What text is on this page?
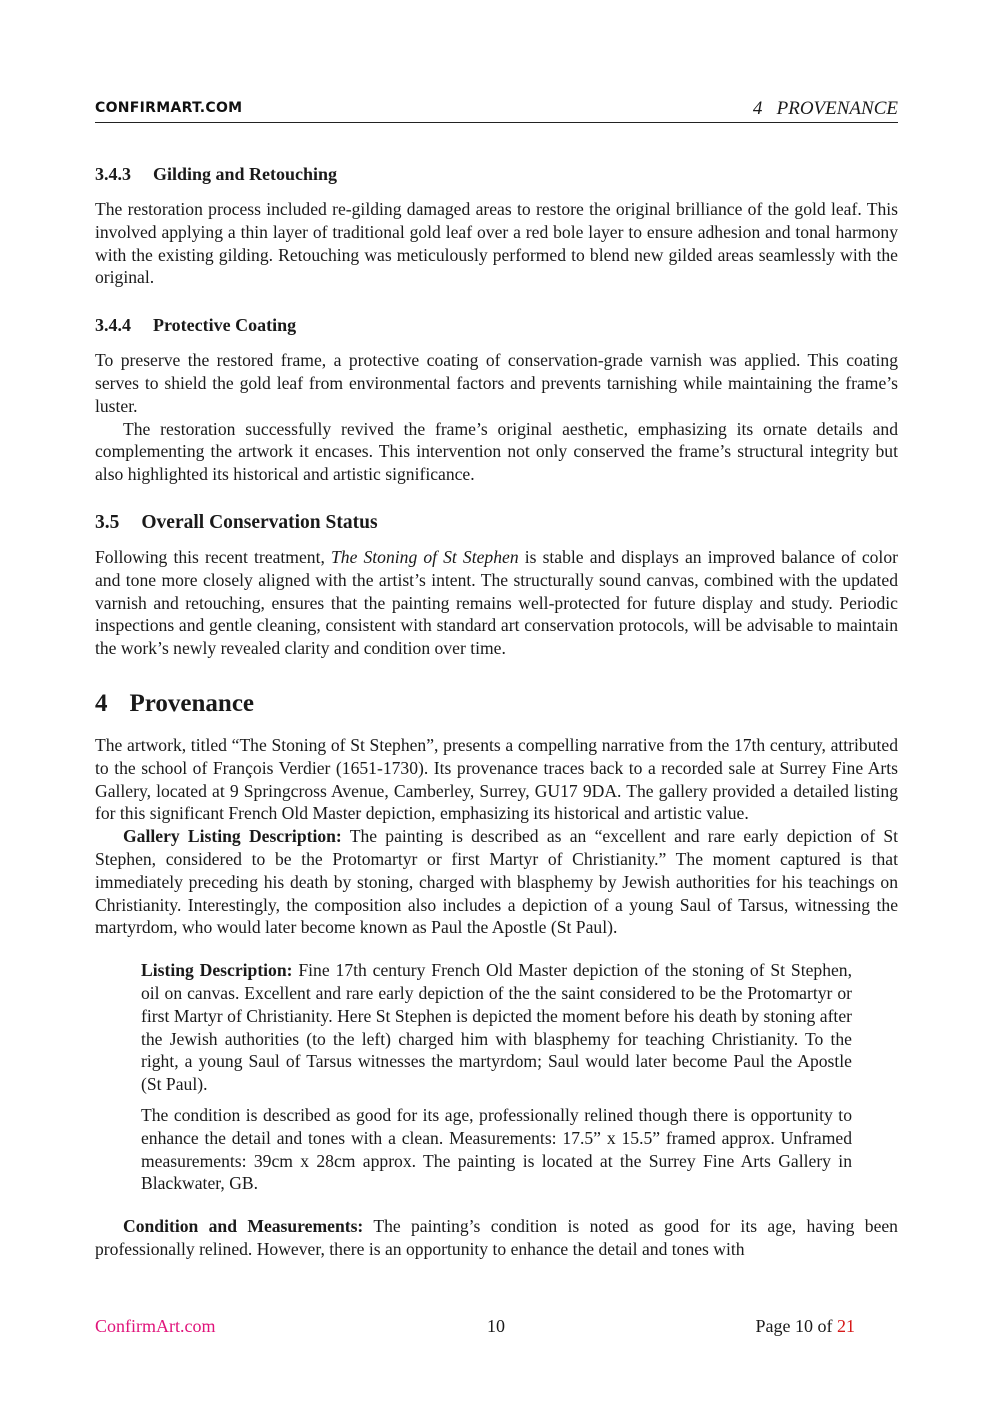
CONFIRMART.COM	4   PROVENANCE
3.4.3 Gilding and Retouching

The restoration process included re-gilding damaged areas to restore the original brilliance of the gold leaf. This involved applying a thin layer of traditional gold leaf over a red bole layer to ensure adhesion and tonal harmony with the existing gilding. Retouching was meticulously performed to blend new gilded areas seamlessly with the original.

3.4.4 Protective Coating

To preserve the restored frame, a protective coating of conservation-grade varnish was applied. This coating serves to shield the gold leaf from environmental factors and prevents tarnishing while maintaining the frame’s luster.

The restoration successfully revived the frame’s original aesthetic, emphasizing its ornate details and complementing the artwork it encases. This intervention not only conserved the frame’s structural integrity but also highlighted its historical and artistic significance.

3.5 Overall Conservation Status

Following this recent treatment, The Stoning of St Stephen is stable and displays an improved balance of color and tone more closely aligned with the artist’s intent. The structurally sound canvas, combined with the updated varnish and retouching, ensures that the painting remains well-protected for future display and study. Periodic inspections and gentle cleaning, consistent with standard art conservation protocols, will be advisable to maintain the work’s newly revealed clarity and condition over time.

4 Provenance

The artwork, titled “The Stoning of St Stephen”, presents a compelling narrative from the 17th century, attributed to the school of François Verdier (1651-1730). Its provenance traces back to a recorded sale at Surrey Fine Arts Gallery, located at 9 Springcross Avenue, Camberley, Surrey, GU17 9DA. The gallery provided a detailed listing for this significant French Old Master depiction, emphasizing its historical and artistic value.

Gallery Listing Description: The painting is described as an “excellent and rare early depiction of St Stephen, considered to be the Protomartyr or first Martyr of Christianity.” The moment captured is that immediately preceding his death by stoning, charged with blasphemy by Jewish authorities for his teachings on Christianity. Interestingly, the composition also includes a depiction of a young Saul of Tarsus, witnessing the martyrdom, who would later become known as Paul the Apostle (St Paul).

Listing Description: Fine 17th century French Old Master depiction of the stoning of St Stephen, oil on canvas. Excellent and rare early depiction of the the saint considered to be the Protomartyr or first Martyr of Christianity. Here St Stephen is depicted the moment before his death by stoning after the Jewish authorities (to the left) charged him with blasphemy for teaching Christianity. To the right, a young Saul of Tarsus witnesses the martyrdom; Saul would later become Paul the Apostle (St Paul).

The condition is described as good for its age, professionally relined though there is opportunity to enhance the detail and tones with a clean. Measurements: 17.5” x 15.5” framed approx. Unframed measurements: 39cm x 28cm approx. The painting is located at the Surrey Fine Arts Gallery in Blackwater, GB.

Condition and Measurements: The painting’s condition is noted as good for its age, having been professionally relined. However, there is an opportunity to enhance the detail and tones with

ConfirmArt.com	10	Page 10 of 21
